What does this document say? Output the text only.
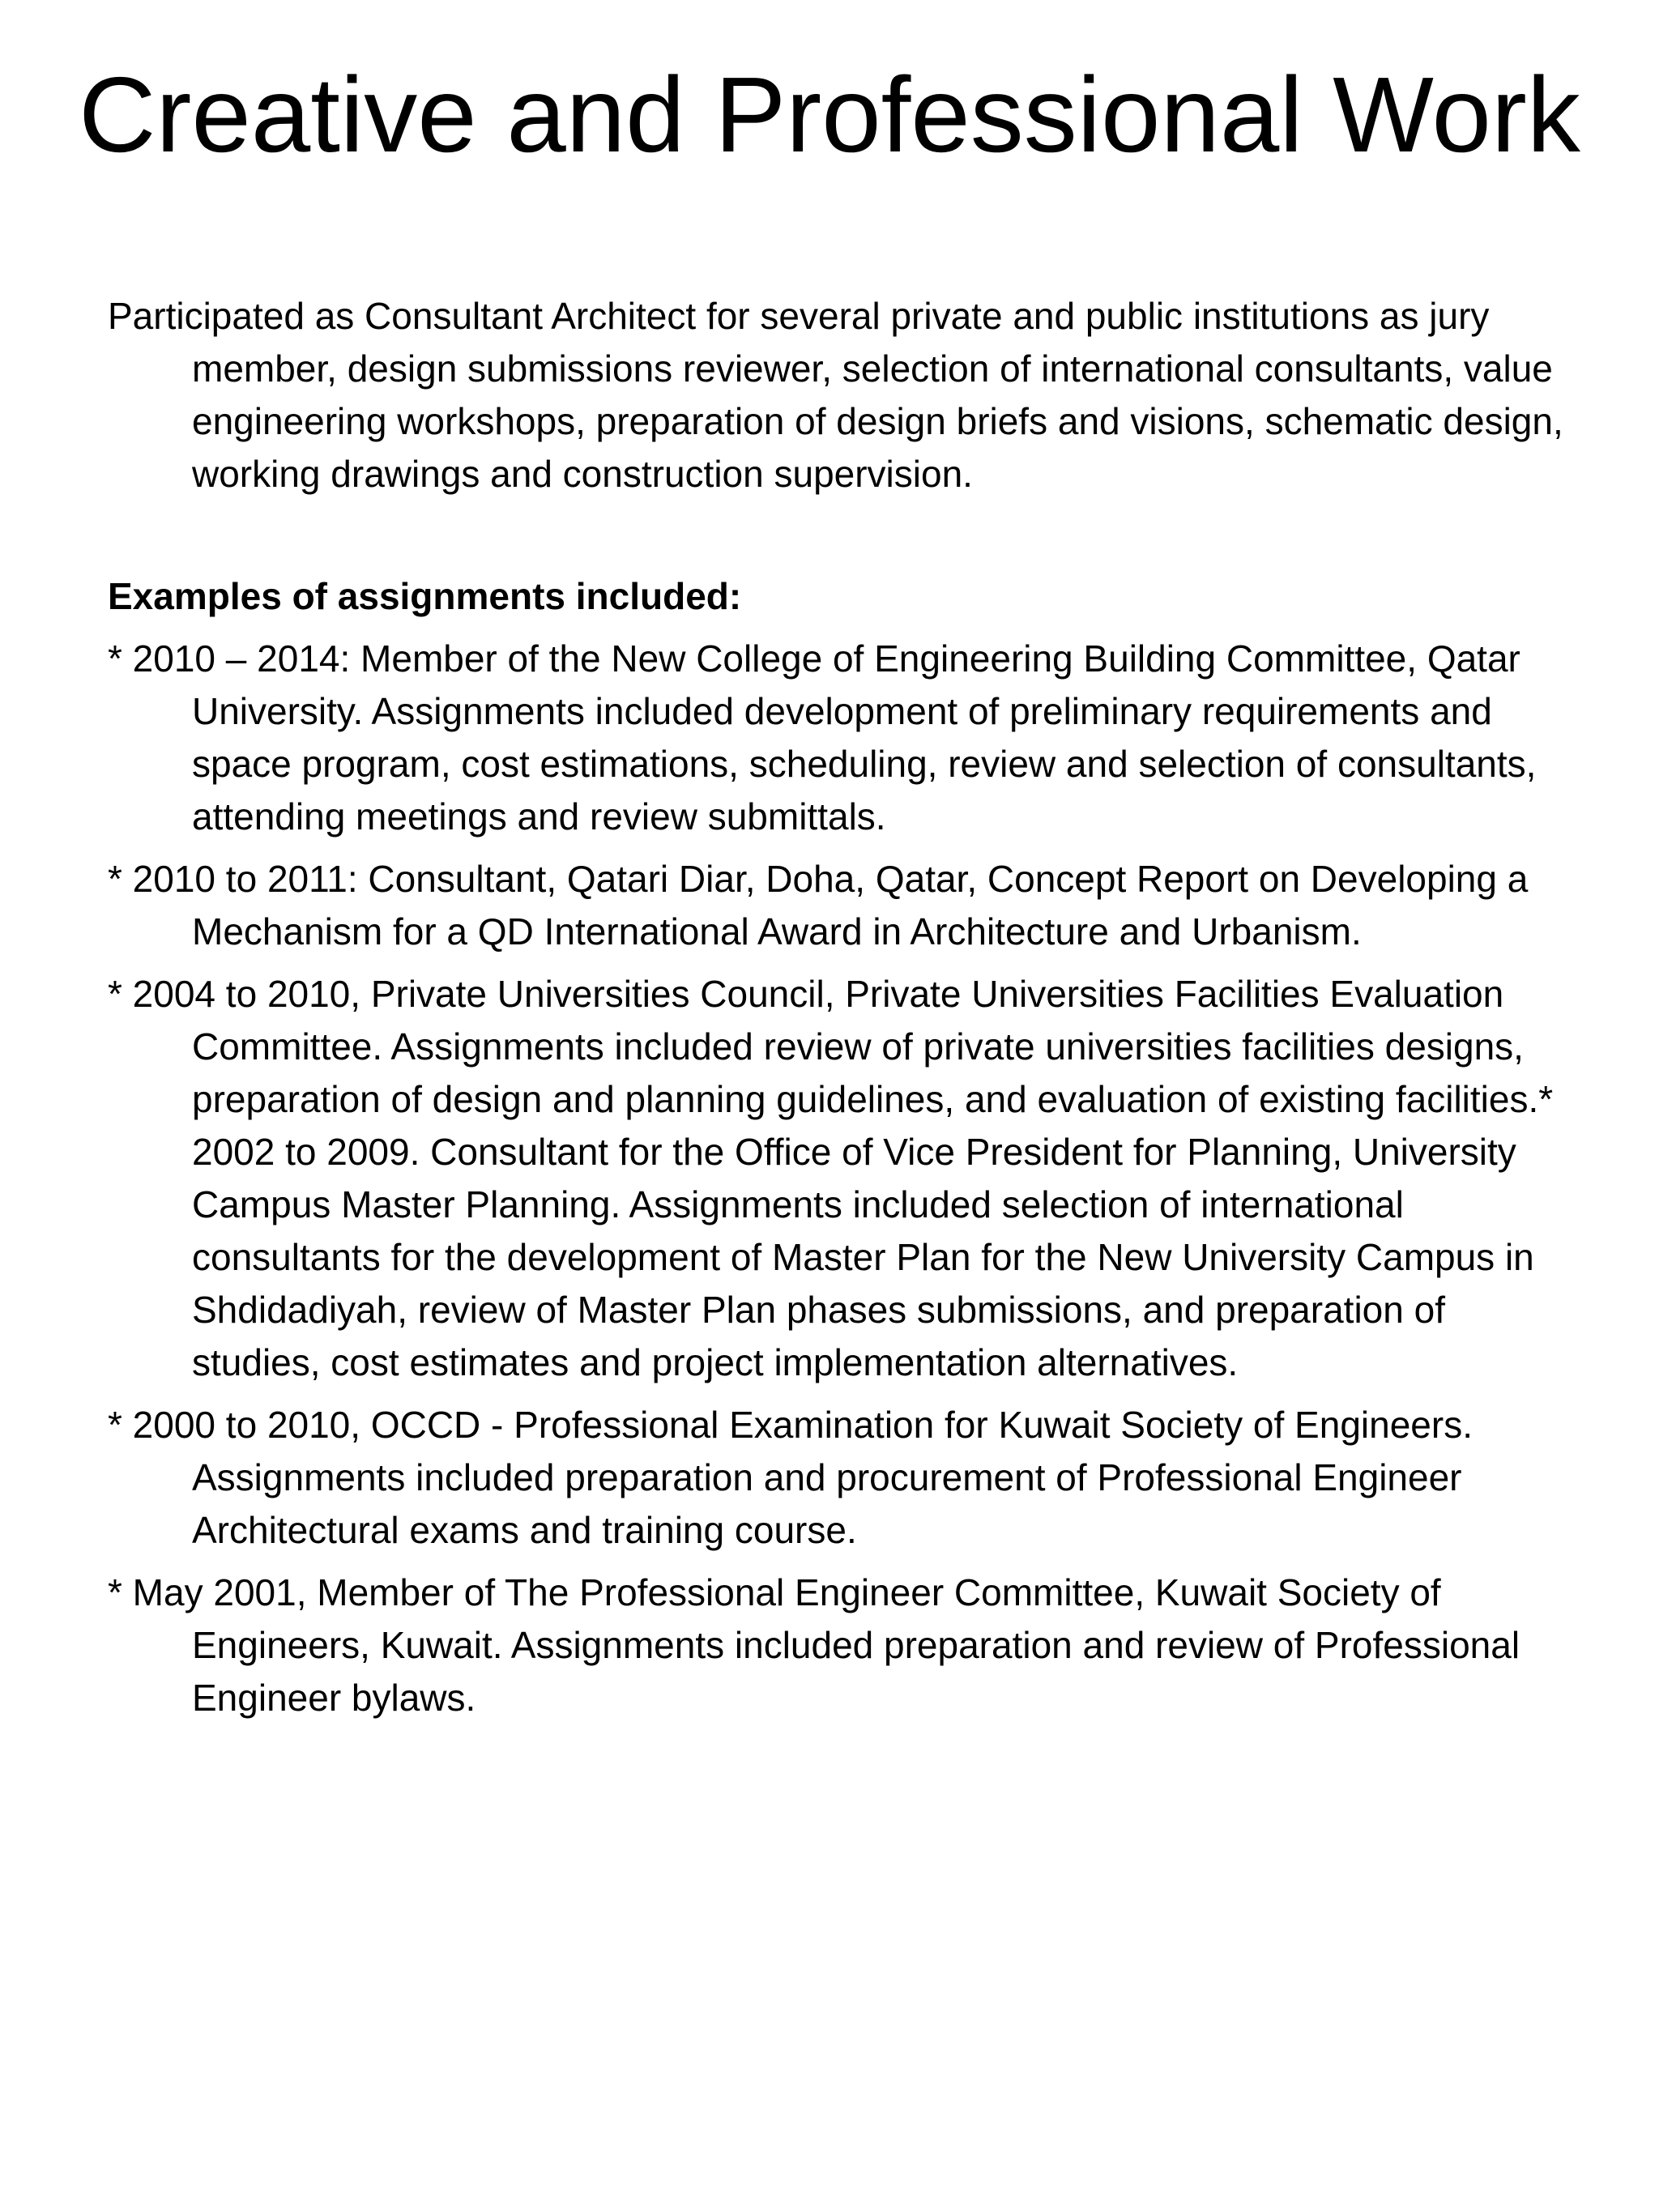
Creative and Professional Work

Participated as Consultant Architect for several private and public institutions as jury member, design submissions reviewer, selection of international consultants, value engineering workshops, preparation of design briefs and visions, schematic design, working drawings and construction supervision.

Examples of assignments included:

* 2010 – 2014: Member of the New College of Engineering Building Committee, Qatar University. Assignments included development of preliminary requirements and space program, cost estimations, scheduling, review and selection of consultants, attending meetings and review submittals.

* 2010 to 2011: Consultant, Qatari Diar, Doha, Qatar, Concept Report on Developing a Mechanism for a QD International Award in Architecture and Urbanism.

* 2004 to 2010, Private Universities Council, Private Universities Facilities Evaluation Committee. Assignments included review of private universities facilities designs, preparation of design and planning guidelines, and evaluation of existing facilities.* 2002 to 2009. Consultant for the Office of Vice President for Planning, University Campus Master Planning. Assignments included selection of international consultants for the development of Master Plan for the New University Campus in Shdidadiyah, review of Master Plan phases submissions, and preparation of studies, cost estimates and project implementation alternatives.

* 2000 to 2010, OCCD - Professional Examination for Kuwait Society of Engineers. Assignments included preparation and procurement of Professional Engineer Architectural exams and training course.

* May 2001, Member of The Professional Engineer Committee, Kuwait Society of Engineers, Kuwait. Assignments included preparation and review of Professional Engineer bylaws.
